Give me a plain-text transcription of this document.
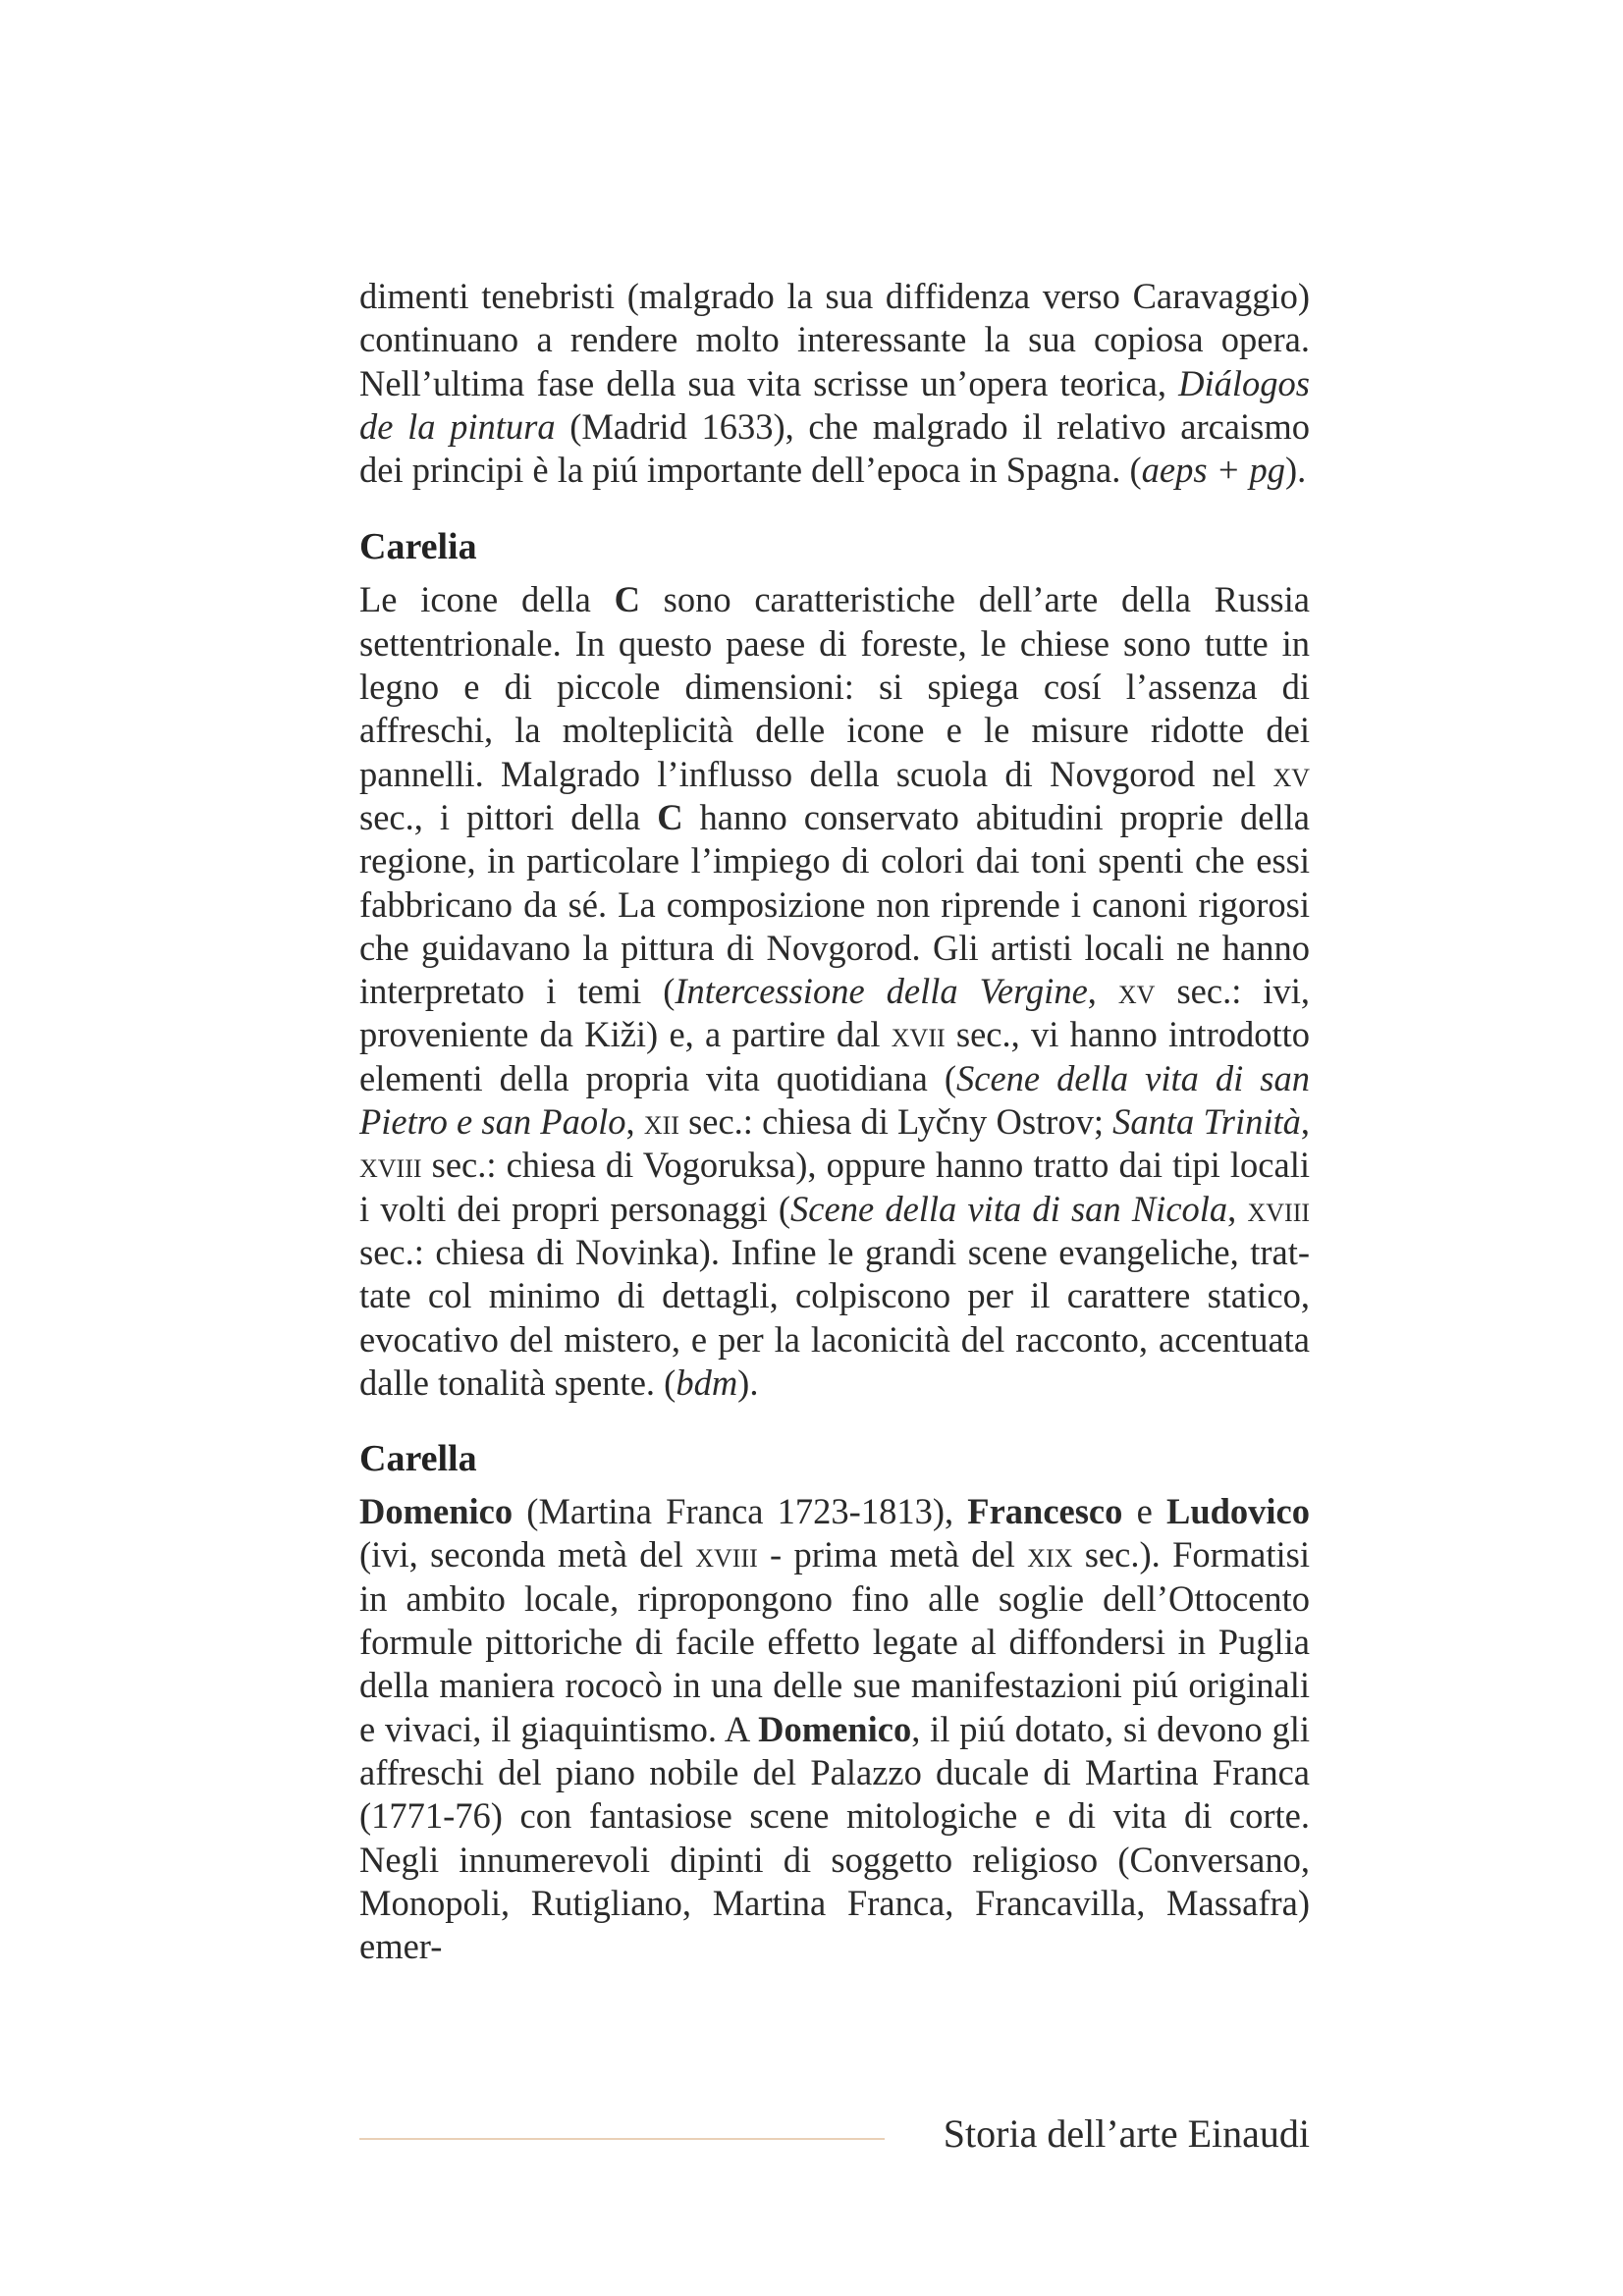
dimenti tenebristi (malgrado la sua diffidenza verso Caravaggio) continuano a rendere molto interessante la sua copiosa opera. Nell’ultima fase della sua vita scrisse un’opera teorica, Diálogos de la pintura (Madrid 1633), che malgrado il relativo arcaismo dei principi è la piú importante dell’epoca in Spagna. (aeps + pg).

Carelia

Le icone della C sono caratteristiche dell’arte della Russia settentrionale. In questo paese di foreste, le chiese sono tutte in legno e di piccole dimensioni: si spiega cosí l’assenza di affreschi, la molteplicità delle icone e le misure ridotte dei pannelli. Malgrado l’influsso della scuola di Novgorod nel xv sec., i pittori della C hanno conservato abitudini proprie della regione, in particolare l’impiego di colori dai toni spenti che essi fabbricano da sé. La composizione non riprende i canoni rigorosi che guidavano la pittura di Novgorod. Gli artisti locali ne hanno interpretato i temi (Intercessione della Vergine, xv sec.: ivi, proveniente da Kiži) e, a partire dal xvii sec., vi hanno introdotto elementi della propria vita quotidiana (Scene della vita di san Pietro e san Paolo, xii sec.: chiesa di Lyčny Ostrov; Santa Trinità, xviii sec.: chiesa di Vogoruksa), oppure hanno tratto dai tipi locali i volti dei propri personaggi (Scene della vita di san Nicola, xviii sec.: chiesa di Novinka). Infine le grandi scene evangeliche, trattate col minimo di dettagli, colpiscono per il carattere statico, evocativo del mistero, e per la laconicità del racconto, accentuata dalle tonalità spente. (bdm).

Carella

Domenico (Martina Franca 1723-1813), Francesco e Ludovico (ivi, seconda metà del xviii - prima metà del xix sec.). Formatisi in ambito locale, ripropongono fino alle soglie dell’Ottocento formule pittoriche di facile effetto legate al diffondersi in Puglia della maniera rococò in una delle sue manifestazioni piú originali e vivaci, il giaquintismo. A Domenico, il piú dotato, si devono gli affreschi del piano nobile del Palazzo ducale di Martina Franca (1771-76) con fantasiose scene mitologiche e di vita di corte. Negli innumerevoli dipinti di soggetto religioso (Conversano, Monopoli, Rutigliano, Martina Franca, Francavilla, Massafra) emer-

Storia dell’arte Einaudi
